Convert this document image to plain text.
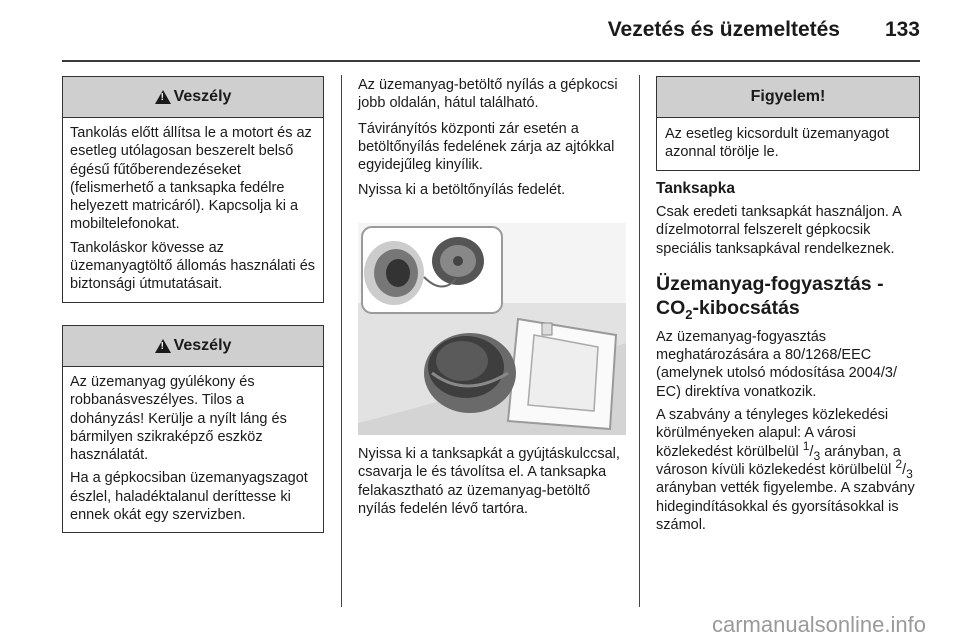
Vezetés és üzemeltetés	133
!
Veszély

Tankolás előtt állítsa le a motort és az esetleg utólagosan beszerelt belső égésű fűtőberendezéseket (felismerhető a tanksapka fedélre helyezett matricáról). Kapcsolja ki a mobiltelefonokat.

Tankoláskor kövesse az üzemanyagtöltő állomás használati és biztonsági útmutatásait.

!
Veszély

Az üzemanyag gyúlékony és robbanásveszélyes. Tilos a dohányzás! Kerülje a nyílt láng és bármilyen szikraképző eszköz használatát.

Ha a gépkocsiban üzemanyagszagot észlel, haladéktalanul deríttesse ki ennek okát egy szervizben.

Az üzemanyag-betöltő nyílás a gépkocsi jobb oldalán, hátul található.

Távirányítós központi zár esetén a betöltőnyílás fedelének zárja az ajtókkal egyidejűleg kinyílik.

Nyissa ki a betöltőnyílás fedelét.

Nyissa ki a tanksapkát a gyújtáskulccsal, csavarja le és távolítsa el. A tanksapka felakasztható az üzemanyag-betöltő nyílás fedelén lévő tartóra.
Figyelem!
Az esetleg kicsordult üzemanyagot azonnal törölje le.

Tanksapka

Csak eredeti tanksapkát használjon. A dízelmotorral felszerelt gépkocsik speciális tanksapkával rendelkeznek.

Üzemanyag-fogyasztás -
$CO_2$-kibocsátás

Az üzemanyag-fogyasztás meghatározására a 80/1268/EEC (amelynek utolsó módosítása 2004/3/ EC) direktíva vonatkozik.

A szabvány a tényleges közlekedési körülményeken alapul: A városi közlekedést körülbelül $^1/_3$ arányban, a városon kívüli közlekedést körülbelül $^2/_3$ arányban vették figyelembe. A szabvány hidegindításokkal és gyorsításokkal is számol.

carmanualsonline.info
